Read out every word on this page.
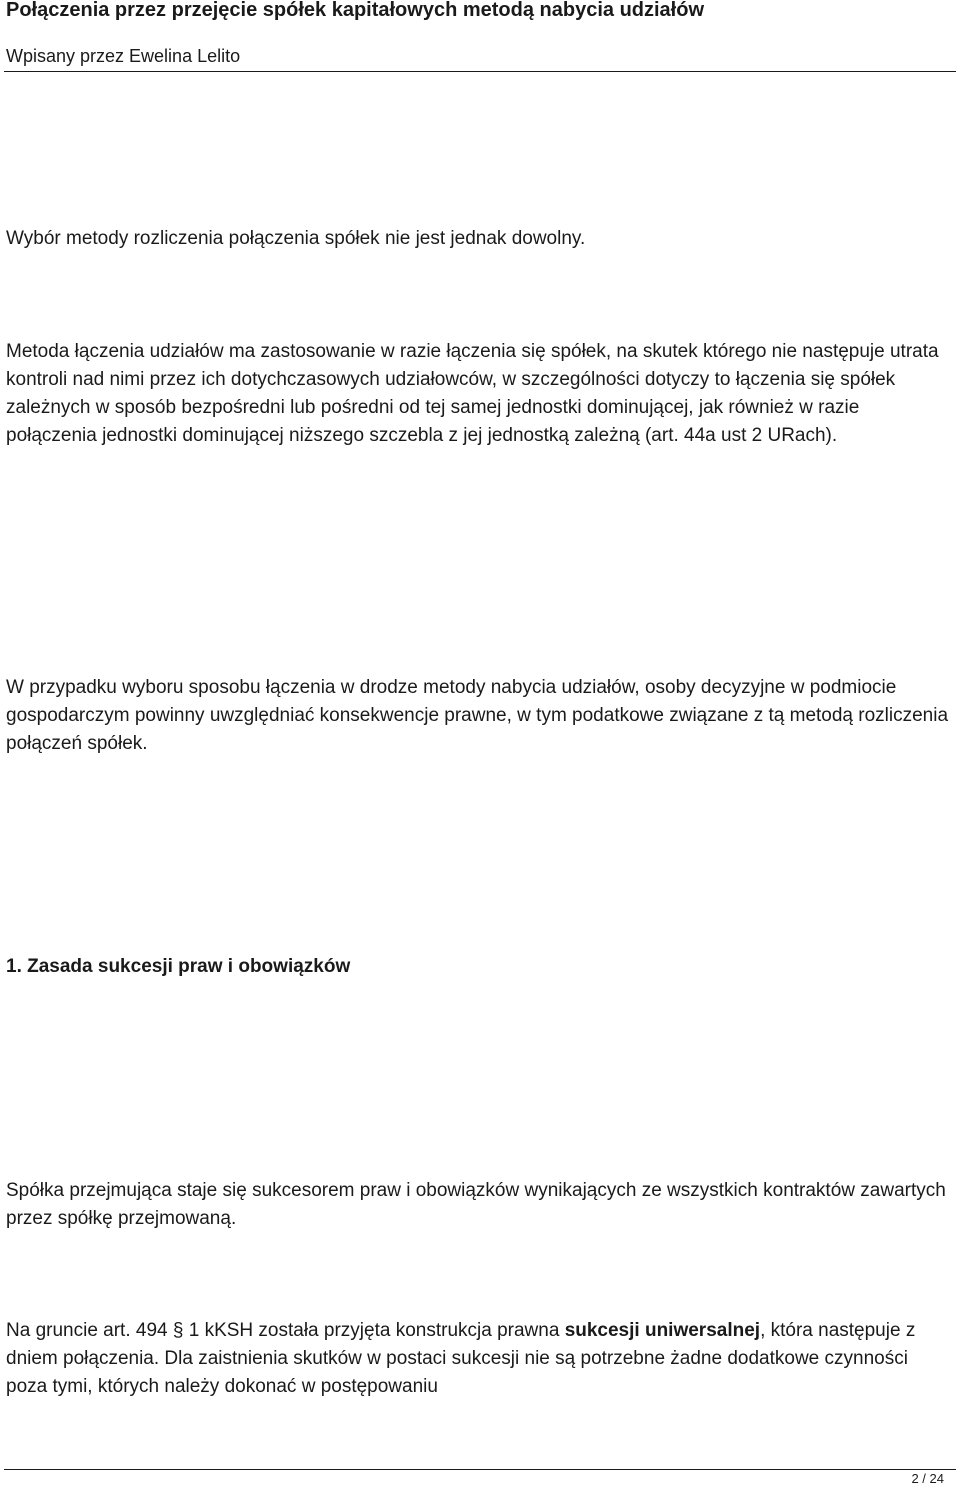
Połączenia przez przejęcie spółek kapitałowych metodą nabycia udziałów
Wpisany przez Ewelina Lelito

Wybór metody rozliczenia połączenia spółek nie jest jednak dowolny.

Metoda łączenia udziałów ma zastosowanie w razie łączenia się spółek, na skutek którego nie następuje utrata kontroli nad nimi przez ich dotychczasowych udziałowców, w szczególności dotyczy to łączenia się spółek zależnych w sposób bezpośredni lub pośredni od tej samej jednostki dominującej, jak również w razie połączenia jednostki dominującej niższego szczebla z jej jednostką zależną (art. 44a ust 2 URach).

W przypadku wyboru sposobu łączenia w drodze metody nabycia udziałów, osoby decyzyjne w podmiocie gospodarczym powinny uwzględniać konsekwencje prawne, w tym podatkowe związane z tą metodą rozliczenia połączeń spółek.

1. Zasada sukcesji praw i obowiązków

Spółka przejmująca staje się sukcesorem praw i obowiązków wynikających ze wszystkich kontraktów zawartych przez spółkę przejmowaną.

Na gruncie art. 494 § 1 kKSH została przyjęta konstrukcja prawna sukcesji uniwersalnej, która następuje z dniem połączenia. Dla zaistnienia skutków w postaci sukcesji nie są potrzebne żadne dodatkowe czynności poza tymi, których należy dokonać w postępowaniu

2 / 24
